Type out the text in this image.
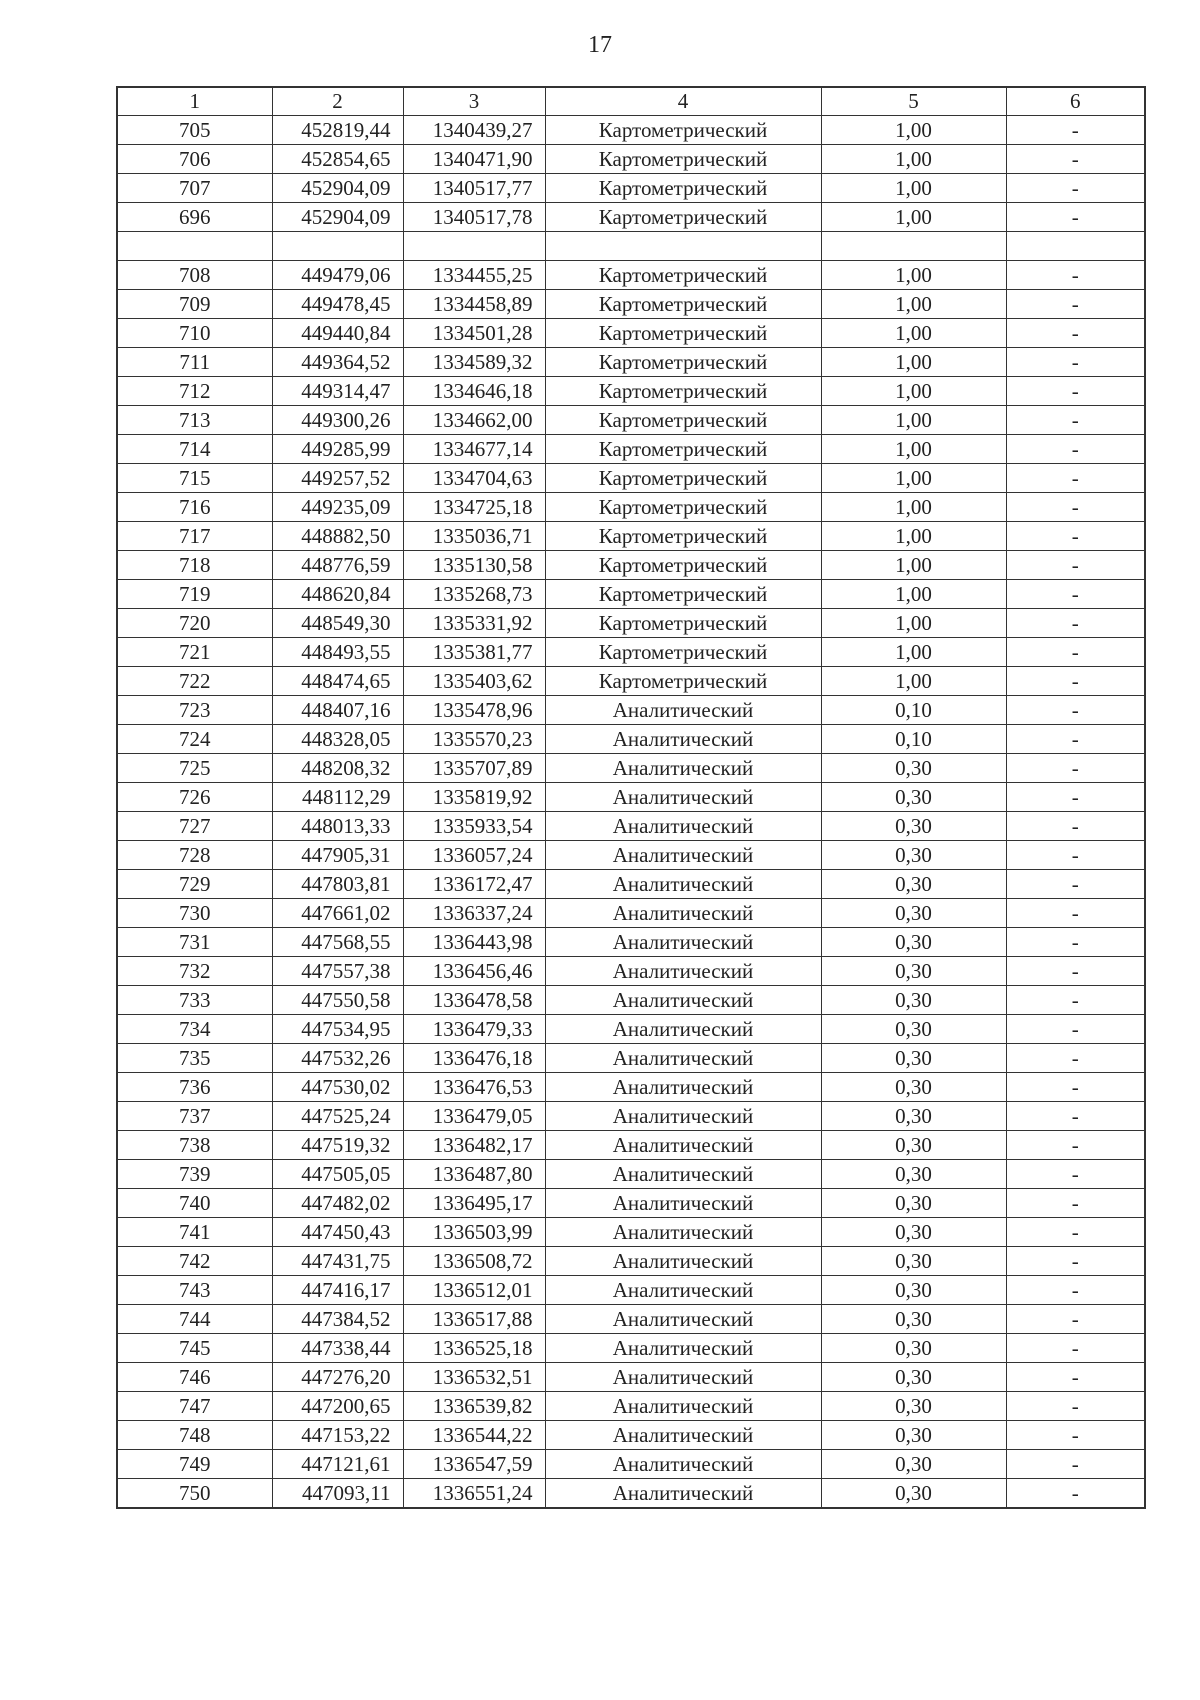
17
1	2	3	4	5	6
705	452819,44	1340439,27	Картометрический	1,00	-
706	452854,65	1340471,90	Картометрический	1,00	-
707	452904,09	1340517,77	Картометрический	1,00	-
696	452904,09	1340517,78	Картометрический	1,00	-

708	449479,06	1334455,25	Картометрический	1,00	-
709	449478,45	1334458,89	Картометрический	1,00	-
710	449440,84	1334501,28	Картометрический	1,00	-
711	449364,52	1334589,32	Картометрический	1,00	-
712	449314,47	1334646,18	Картометрический	1,00	-
713	449300,26	1334662,00	Картометрический	1,00	-
714	449285,99	1334677,14	Картометрический	1,00	-
715	449257,52	1334704,63	Картометрический	1,00	-
716	449235,09	1334725,18	Картометрический	1,00	-
717	448882,50	1335036,71	Картометрический	1,00	-
718	448776,59	1335130,58	Картометрический	1,00	-
719	448620,84	1335268,73	Картометрический	1,00	-
720	448549,30	1335331,92	Картометрический	1,00	-
721	448493,55	1335381,77	Картометрический	1,00	-
722	448474,65	1335403,62	Картометрический	1,00	-
723	448407,16	1335478,96	Аналитический	0,10	-
724	448328,05	1335570,23	Аналитический	0,10	-
725	448208,32	1335707,89	Аналитический	0,30	-
726	448112,29	1335819,92	Аналитический	0,30	-
727	448013,33	1335933,54	Аналитический	0,30	-
728	447905,31	1336057,24	Аналитический	0,30	-
729	447803,81	1336172,47	Аналитический	0,30	-
730	447661,02	1336337,24	Аналитический	0,30	-
731	447568,55	1336443,98	Аналитический	0,30	-
732	447557,38	1336456,46	Аналитический	0,30	-
733	447550,58	1336478,58	Аналитический	0,30	-
734	447534,95	1336479,33	Аналитический	0,30	-
735	447532,26	1336476,18	Аналитический	0,30	-
736	447530,02	1336476,53	Аналитический	0,30	-
737	447525,24	1336479,05	Аналитический	0,30	-
738	447519,32	1336482,17	Аналитический	0,30	-
739	447505,05	1336487,80	Аналитический	0,30	-
740	447482,02	1336495,17	Аналитический	0,30	-
741	447450,43	1336503,99	Аналитический	0,30	-
742	447431,75	1336508,72	Аналитический	0,30	-
743	447416,17	1336512,01	Аналитический	0,30	-
744	447384,52	1336517,88	Аналитический	0,30	-
745	447338,44	1336525,18	Аналитический	0,30	-
746	447276,20	1336532,51	Аналитический	0,30	-
747	447200,65	1336539,82	Аналитический	0,30	-
748	447153,22	1336544,22	Аналитический	0,30	-
749	447121,61	1336547,59	Аналитический	0,30	-
750	447093,11	1336551,24	Аналитический	0,30	-
